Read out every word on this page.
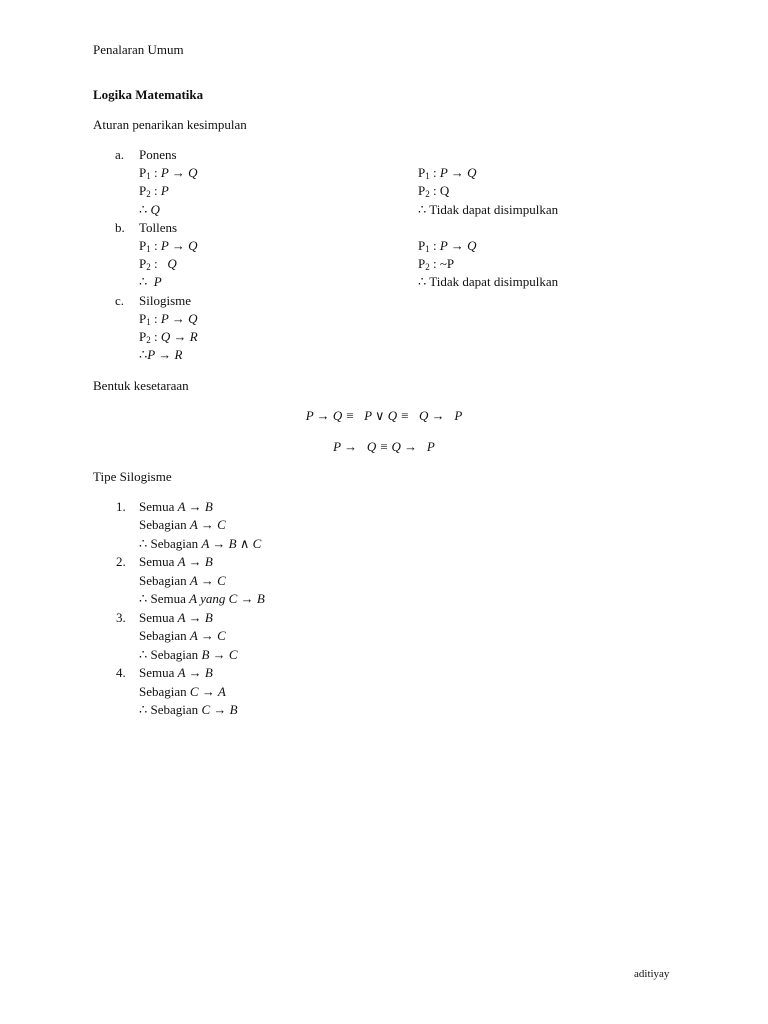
Penalaran Umum
Logika Matematika
Aturan penarikan kesimpulan
a. Ponens
$P_1$ : P → Q
$P_2$ : P
∴ Q
$P_1$ : P → Q
$P_2$ : Q
∴ Tidak dapat disimpulkan
b. Tollens
$P_1$ : P → Q
$P_2$ : Q
∴ P
$P_1$ : P → Q
$P_2$ : ~P
∴ Tidak dapat disimpulkan
c. Silogisme
$P_1$ : P → Q
$P_2$ : Q → R
∴P → R
Bentuk kesetaraan
P → Q ≡   P ∨ Q ≡   Q →   P
P →   Q ≡ Q →   P
Tipe Silogisme
1. Semua A → B
Sebagian A → C
∴ Sebagian A → B ∧ C
2. Semua A → B
Sebagian A → C
∴ Semua A yang C → B
3. Semua A → B
Sebagian A → C
∴ Sebagian B → C
4. Semua A → B
Sebagian C → A
∴ Sebagian C → B
aditiyay
